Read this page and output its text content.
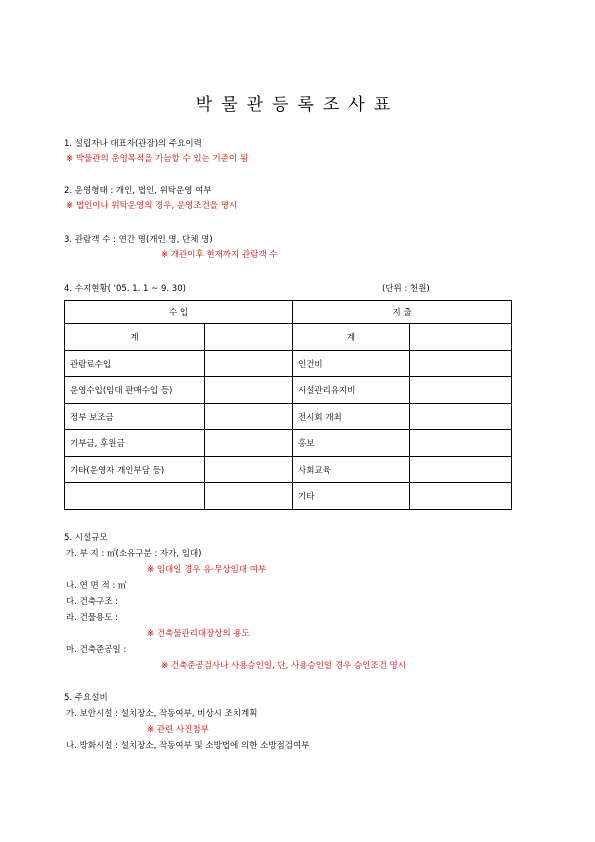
박물관등록조사표
1. 설립자나 대표자(관장)의 주요이력
※ 박물관의 운영목적을 가늠할 수 있는 기준이 됨
2. 운영형태 : 개인, 법인, 위탁운영 여부
※ 법인이나 위탁운영의 경우, 운영조건을 명시
3. 관람객 수 : 연간 명(개인 명, 단체 명)
※ 개관이후 현재까지 관람객 수
4. 수지현황( '05. 1. 1 ~ 9. 30)	(단위 : 천원)
수 입		지 출	
계		계	
관람료수입		인건비	
운영수입(임대 판매수입 등)		시설관리유지비	
정부 보조금		전시회 개최	
기부금, 후원금		홍보	
기타(운영자 개인부담 등)		사회교육	
		기타	
5. 시설규모
가. 부 지 : ㎡(소유구분 : 자가, 임대)
※ 임대일 경우 유·무상임대 여부
나. 연 면 적 : ㎡
다. 건축구조 :
라. 건물용도 :
※ 건축물관리대장상의 용도
마. 건축준공일 :
※ 건축준공검사나 사용승인일, 단, 사용승인일 경우 승인조건 명시
5. 주요설비
가. 보안시설 : 설치장소, 작동여부, 비상시 조치계획
※ 관련 사진첨부
나. 방화시설 : 설치장소, 작동여부 및 소방법에 의한 소방점검여부
